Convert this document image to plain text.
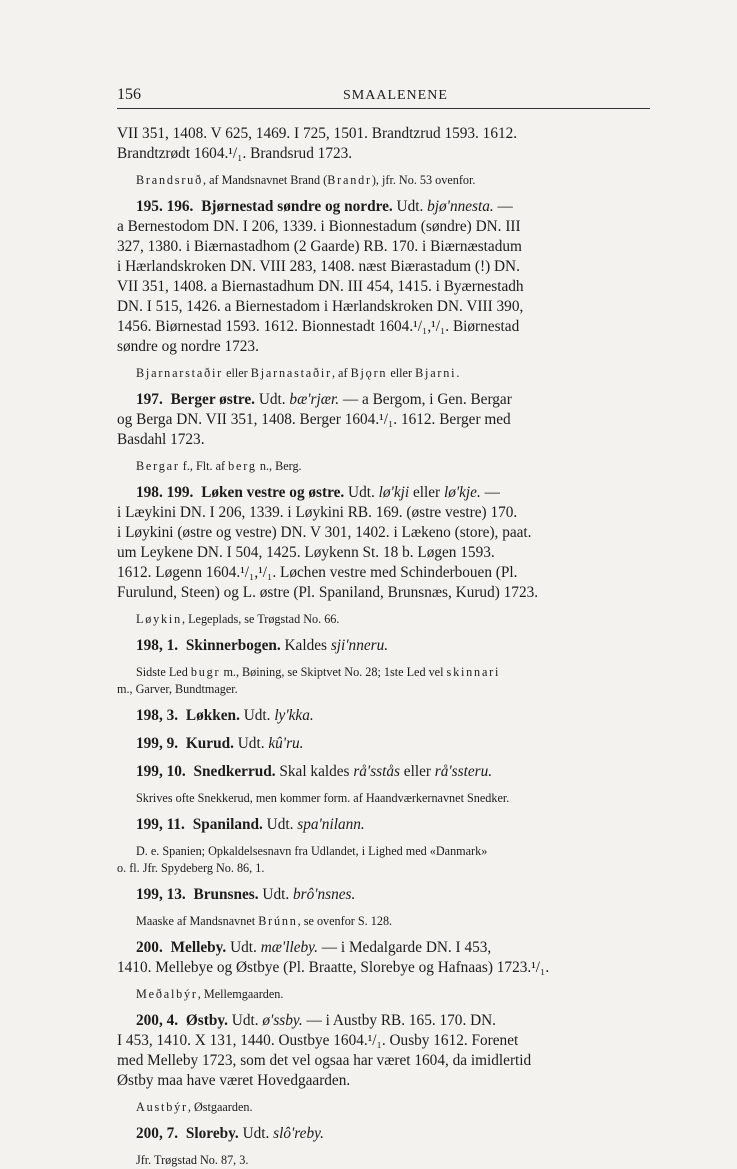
156	SMAALENENE
VII 351, 1408. V 625, 1469. I 725, 1501. Brandtzrud 1593. 1612.
Brandtzrødt 1604.¹/₁. Brandsrud 1723.
Brandsruð, af Mandsnavnet Brand (Brandr), jfr. No. 53 ovenfor.
195. 196. Bjørnestad søndre og nordre. Udt. bjø'nnesta. —
a Bernestodom DN. I 206, 1339. i Bionnestadum (søndre) DN. III
327, 1380. i Biærnastadhom (2 Gaarde) RB. 170. i Biærnæstadum
i Hærlandskroken DN. VIII 283, 1408. næst Biærastadum (!) DN.
VII 351, 1408. a Biernastadhum DN. III 454, 1415. i Byærnestadh
DN. I 515, 1426. a Biernestadom i Hærlandskroken DN. VIII 390,
1456. Biørnestad 1593. 1612. Bionnestadt 1604.¹/₁,¹/₁. Biørnestad
søndre og nordre 1723.
Bjarnarstaðir eller Bjarnastaðir, af Bjǫrn eller Bjarni.
197. Berger østre. Udt. bæ'rjær. — a Bergom, i Gen. Bergar
og Berga DN. VII 351, 1408. Berger 1604.¹/₁. 1612. Berger med
Basdahl 1723.
Bergar f., Flt. af berg n., Berg.
198. 199. Løken vestre og østre. Udt. lø'kji eller lø'kje. —
i Læykini DN. I 206, 1339. i Løykini RB. 169. (østre vestre) 170.
i Løykini (østre og vestre) DN. V 301, 1402. i Lækeno (store), paat.
um Leykene DN. I 504, 1425. Løykenn St. 18 b. Løgen 1593.
1612. Løgenn 1604.¹/₁,¹/₁. Løchen vestre med Schinderbouen (Pl.
Furulund, Steen) og L. østre (Pl. Spaniland, Brunsnæs, Kurud) 1723.
Løykin, Legeplads, se Trøgstad No. 66.
198, 1. Skinnerbogen. Kaldes sji'nneru.
Sidste Led bugr m., Bøining, se Skiptvet No. 28; 1ste Led vel skinnari
m., Garver, Bundtmager.
198, 3. Løkken. Udt. ly'kka.
199, 9. Kurud. Udt. kû'ru.
199, 10. Snedkerrud. Skal kaldes rå'sstås eller rå'ssteru.
Skrives ofte Snekkerud, men kommer form. af Haandværkernavnet Snedker.
199, 11. Spaniland. Udt. spa'nilann.
D. e. Spanien; Opkaldelsesnavn fra Udlandet, i Lighed med «Danmark»
o. fl. Jfr. Spydeberg No. 86, 1.
199, 13. Brunsnes. Udt. brô'nsnes.
Maaske af Mandsnavnet Brúnn, se ovenfor S. 128.
200. Melleby. Udt. mæ'lleby. — i Medalgarde DN. I 453,
1410. Mellebye og Østbye (Pl. Braatte, Slorebye og Hafnaas) 1723.¹/₁.
Meðalbýr, Mellemgaarden.
200, 4. Østby. Udt. ø'ssby. — i Austby RB. 165. 170. DN.
I 453, 1410. X 131, 1440. Oustbye 1604.¹/₁. Ousby 1612. Forenet
med Melleby 1723, som det vel ogsaa har været 1604, da imidlertid
Østby maa have været Hovedgaarden.
Austbýr, Østgaarden.
200, 7. Sloreby. Udt. slô'reby.
Jfr. Trøgstad No. 87, 3.
